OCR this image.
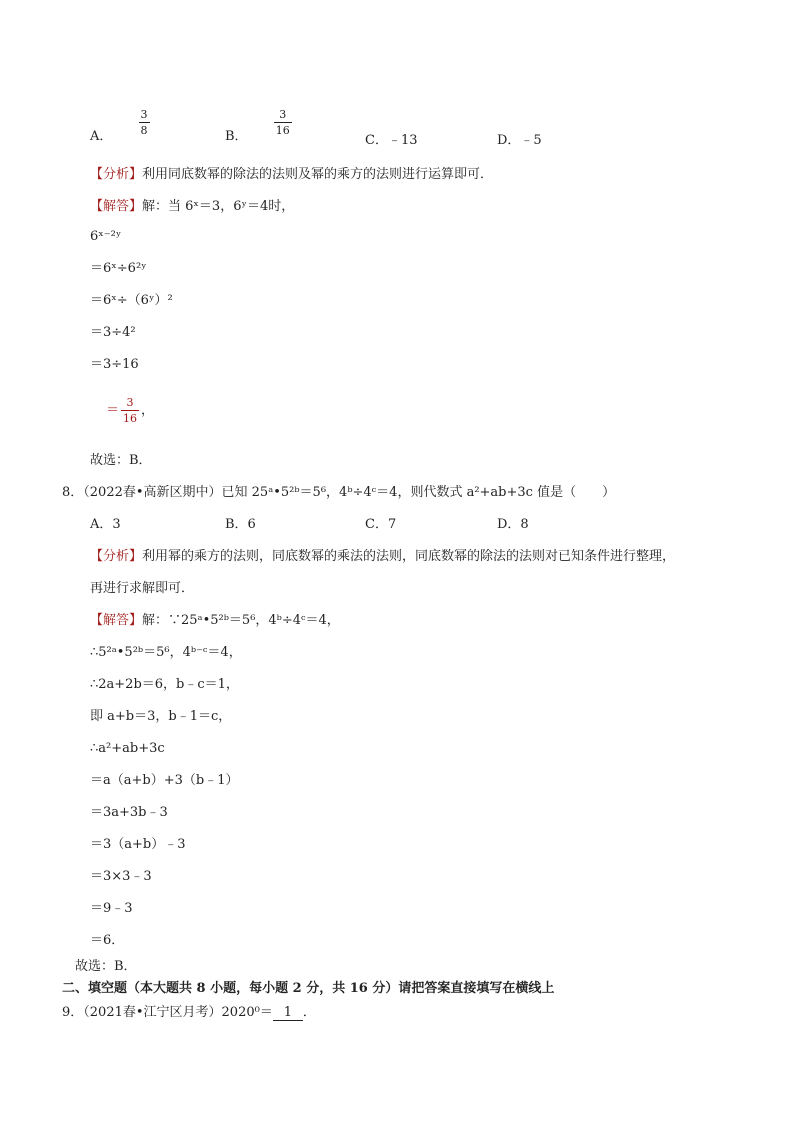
A． $\frac{3}{8}$	B． $\frac{3}{16}$
C．﹣13	D．﹣5
【分析】利用同底数幂的除法的法则及幂的乘方的法则进行运算即可．
【解答】解：当 6ˣ＝3，6ʸ＝4时，
6ˣ⁻²ʸ
＝6ˣ÷6²ʸ
＝6ˣ÷（6ʸ）²
＝3÷4²
＝3÷16
＝ $\frac{3}{16}$ ，
故选：B．
8．（2022春•高新区期中）已知 25ᵃ•5²ᵇ＝5⁶，4ᵇ÷4ᶜ＝4，则代数式 a²+ab+3c 值是（　　）
A．3	B．6	C．7	D．8
【分析】利用幂的乘方的法则，同底数幂的乘法的法则，同底数幂的除法的法则对已知条件进行整理，
再进行求解即可．
【解答】解：∵25ᵃ•5²ᵇ＝5⁶，4ᵇ÷4ᶜ＝4，
∴5²ᵃ•5²ᵇ＝5⁶，4ᵇ⁻ᶜ＝4，
∴2a+2b＝6，b﹣c＝1，
即 a+b＝3，b﹣1＝c，
∴a²+ab+3c
＝a（a+b）+3（b﹣1）
＝3a+3b﹣3
＝3（a+b）﹣3
＝3×3﹣3
＝9﹣3
＝6．
故选：B．
二、填空题（本大题共 8 小题，每小题 2 分，共 16 分）请把答案直接填写在横线上
9．（2021春•江宁区月考）2020⁰＝ 1 ．
